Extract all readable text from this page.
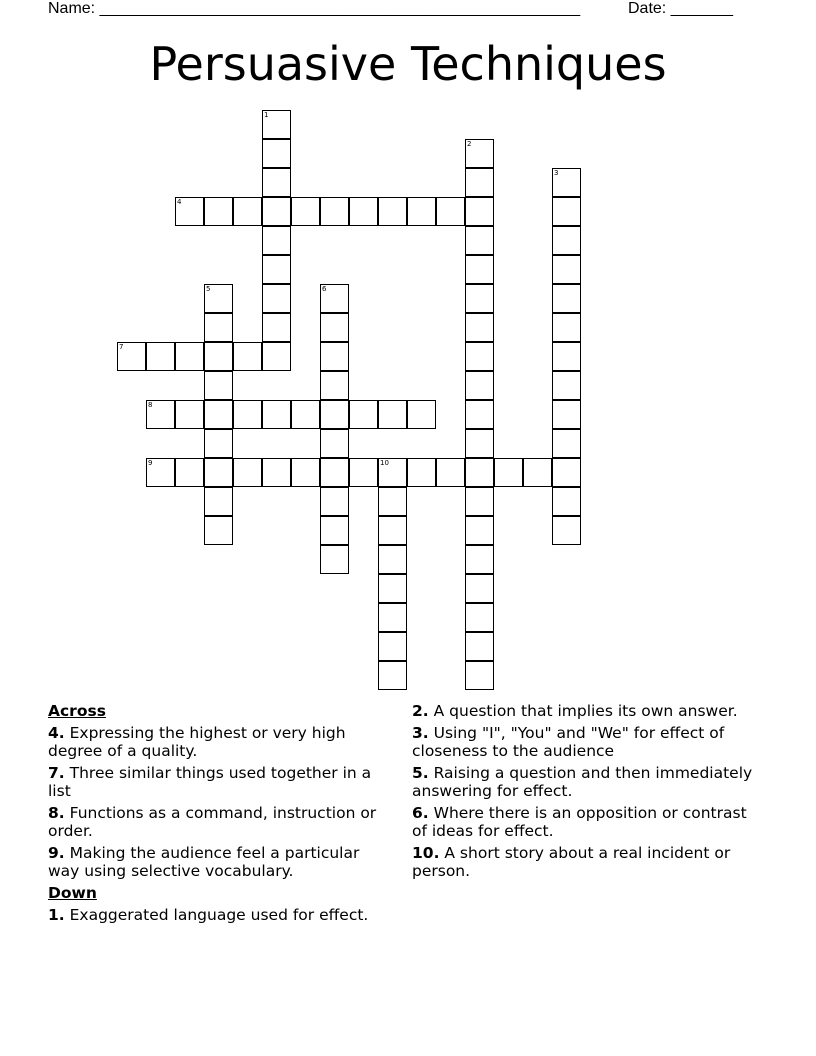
Name: ______________________________________________________

	Date: _______

Persuasive Techniques
1
2
3
4
5	6
7
8
9	10
Across
4. Expressing the highest or very high degree of a quality.
7. Three similar things used together in a list
8. Functions as a command, instruction or order.
9. Making the audience feel a particular way using selective vocabulary.
Down
1. Exaggerated language used for effect.
2. A question that implies its own answer.
3. Using "I", "You" and "We" for effect of closeness to the audience
5. Raising a question and then immediately answering for effect.
6. Where there is an opposition or contrast of ideas for effect.
10. A short story about a real incident or person.
